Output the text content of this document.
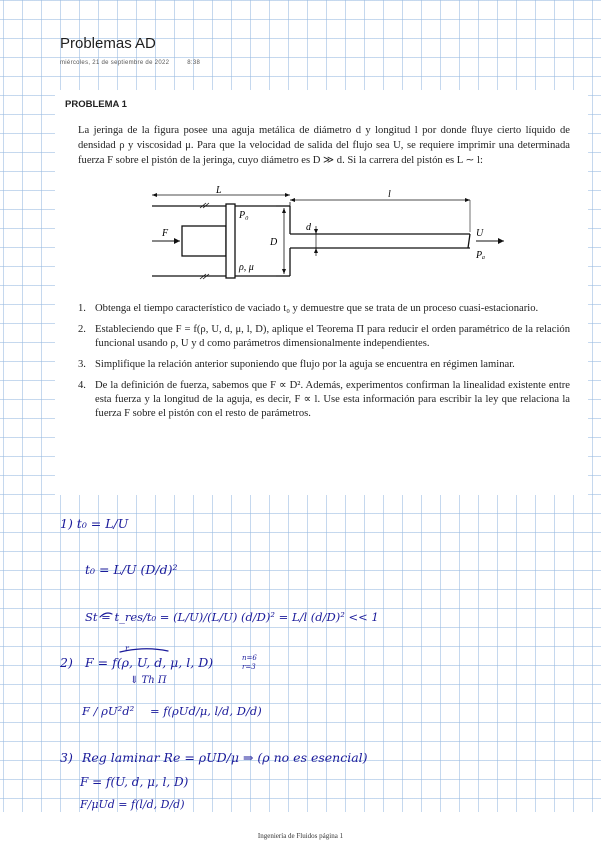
Problemas AD
miércoles, 21 de septiembre de 2022	8:38
PROBLEMA 1
La jeringa de la figura posee una aguja metálica de diámetro d y longitud l por donde fluye cierto líquido de densidad ρ y viscosidad μ. Para que la velocidad de salida del flujo sea U, se requiere imprimir una determinada fuerza F sobre el pistón de la jeringa, cuyo diámetro es D ≫ d. Si la carrera del pistón es L ∼ l:
F
L	l
P₀
D
d
ρ, μ
U
Pₐ
1. Obtenga el tiempo característico de vaciado t₀ y demuestre que se trata de un proceso cuasi-estacionario.
2. Estableciendo que F = f(ρ, U, d, μ, l, D), aplique el Teorema Π para reducir el orden paramétrico de la relación funcional usando ρ, U y d como parámetros dimensionalmente independientes.
3. Simplifique la relación anterior suponiendo que flujo por la aguja se encuentra en régimen laminar.
4. De la definición de fuerza, sabemos que F ∝ D². Además, experimentos confirman la linealidad existente entre esta fuerza y la longitud de la aguja, es decir, F ∝ l. Use esta información para escribir la ley que relaciona la fuerza F sobre el pistón con el resto de parámetros.
1) t₀ = L/U
t₀ = L/U (D/d)²
St = t_res/t₀ = (L/U)/(L/U) (d/D)² = L/l (d/D)² << 1
2) F = f(ρ, U, d, μ, l, D)
r
n=6
r=3
⇓ Th Π
F / ρU²d² = f(ρUd/μ, l/d, D/d)
3) Reg laminar Re = ρUD/μ ⇒ (ρ no es esencial)
F = f(U, d, μ, l, D)
F/μUd = f(l/d, D/d)
Ingeniería de Fluidos página 1
